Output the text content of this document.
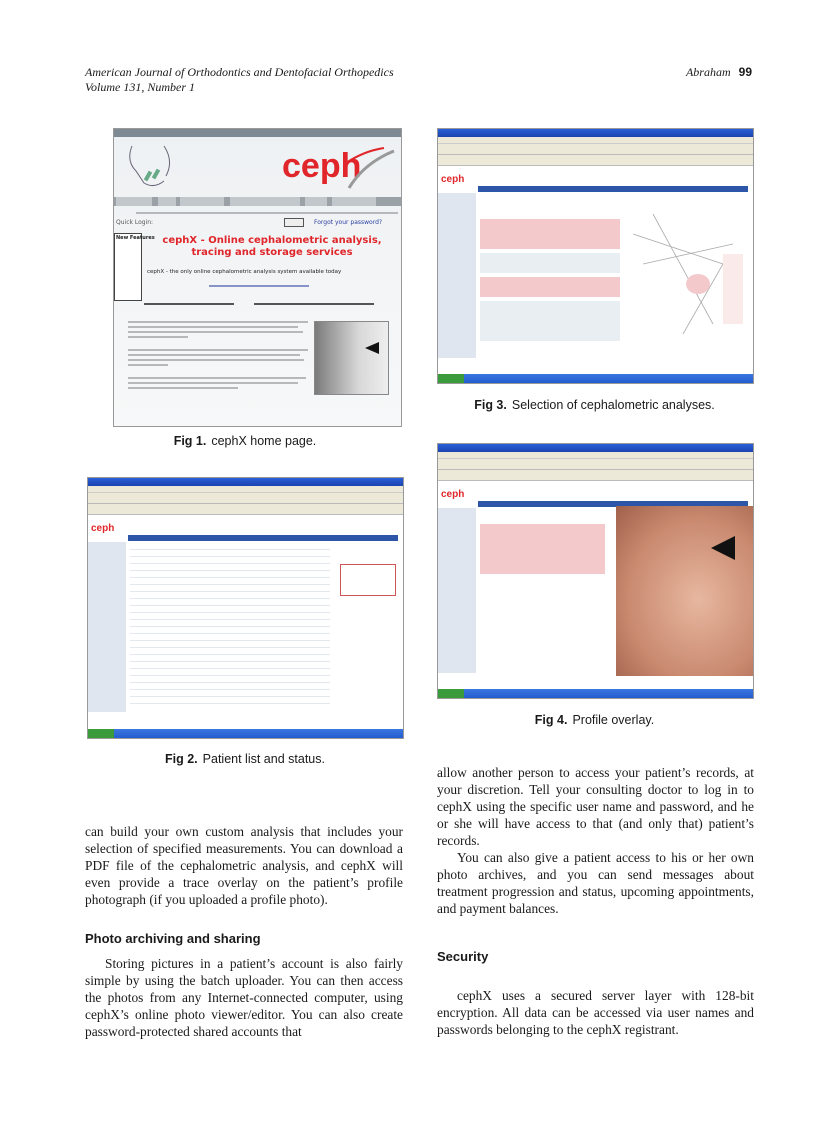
American Journal of Orthodontics and Dentofacial Orthopedics
Volume 131, Number 1
Abraham 99
ceph
Quick Login:	Forgot your password?
New Features cephX - Online cephalometric analysis, tracing and storage services
cephX - the only online cephalometric analysis system available today
Fig 1. cephX home page.
ceph
Fig 2. Patient list and status.
ceph
Fig 3. Selection of cephalometric analyses.
ceph
Fig 4. Profile overlay.

can build your own custom analysis that includes your selection of specified measurements. You can download a PDF file of the cephalometric analysis, and cephX will even provide a trace overlay on the patient’s profile photograph (if you uploaded a profile photo).

Photo archiving and sharing

Storing pictures in a patient’s account is also fairly simple by using the batch uploader. You can then access the photos from any Internet-connected computer, using cephX’s online photo viewer/editor. You can also create password-protected shared accounts that

allow another person to access your patient’s records, at your discretion. Tell your consulting doctor to log in to cephX using the specific user name and password, and he or she will have access to that (and only that) patient’s records.

You can also give a patient access to his or her own photo archives, and you can send messages about treatment progression and status, upcoming appointments, and payment balances.

Security

cephX uses a secured server layer with 128-bit encryption. All data can be accessed via user names and passwords belonging to the cephX registrant.
